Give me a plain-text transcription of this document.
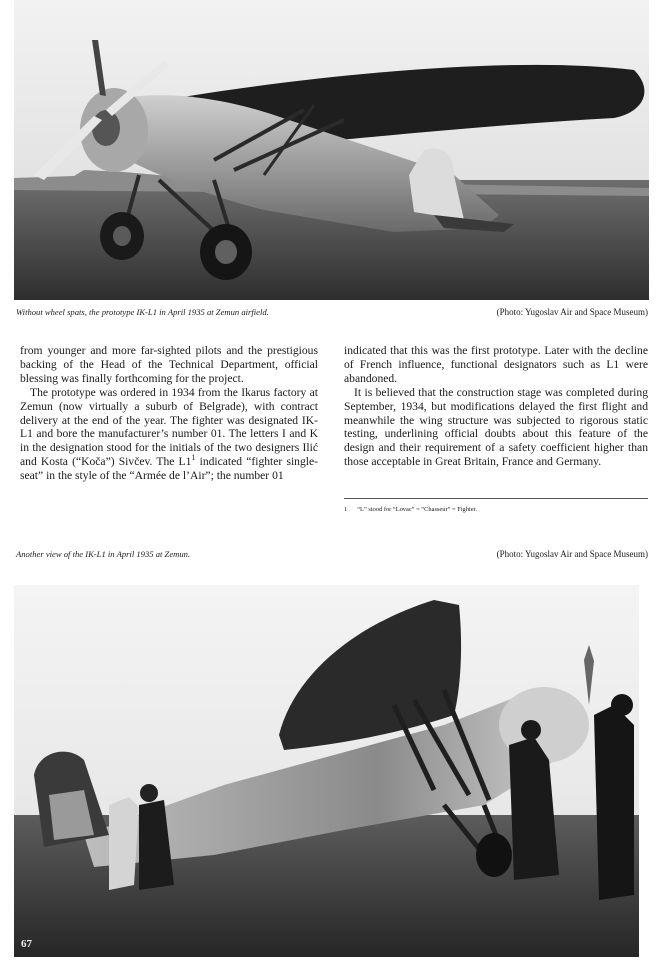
Without wheel spats, the prototype IK-L1 in April 1935 at Zemun airfield.	(Photo: Yugoslav Air and Space Museum)

from younger and more far-sighted pilots and the prestigious backing of the Head of the Technical Department, official blessing was finally forthcoming for the project.

The prototype was ordered in 1934 from the Ikarus factory at Zemun (now virtually a suburb of Belgrade), with contract delivery at the end of the year. The fighter was designated IK-L1 and bore the manufacturer’s number 01. The letters I and K in the designation stood for the initials of the two designers Ilić and Kosta (“Koča”) Sivčev. The $L1^1$ indicated “fighter single-seat” in the style of the “Armée de l’Air”; the number 01

indicated that this was the first prototype. Later with the decline of French influence, functional designators such as L1 were abandoned.

It is believed that the construction stage was completed during September, 1934, but modifications delayed the first flight and meanwhile the wing structure was subjected to rigorous static testing, underlining official doubts about this feature of the design and their requirement of a safety coefficient higher than those acceptable in Great Britain, France and Germany.

1 “L” stood for “Lovac” = “Chasseur” = Fighter.
Another view of the IK-L1 in April 1935 at Zemun.	(Photo: Yugoslav Air and Space Museum)
67
